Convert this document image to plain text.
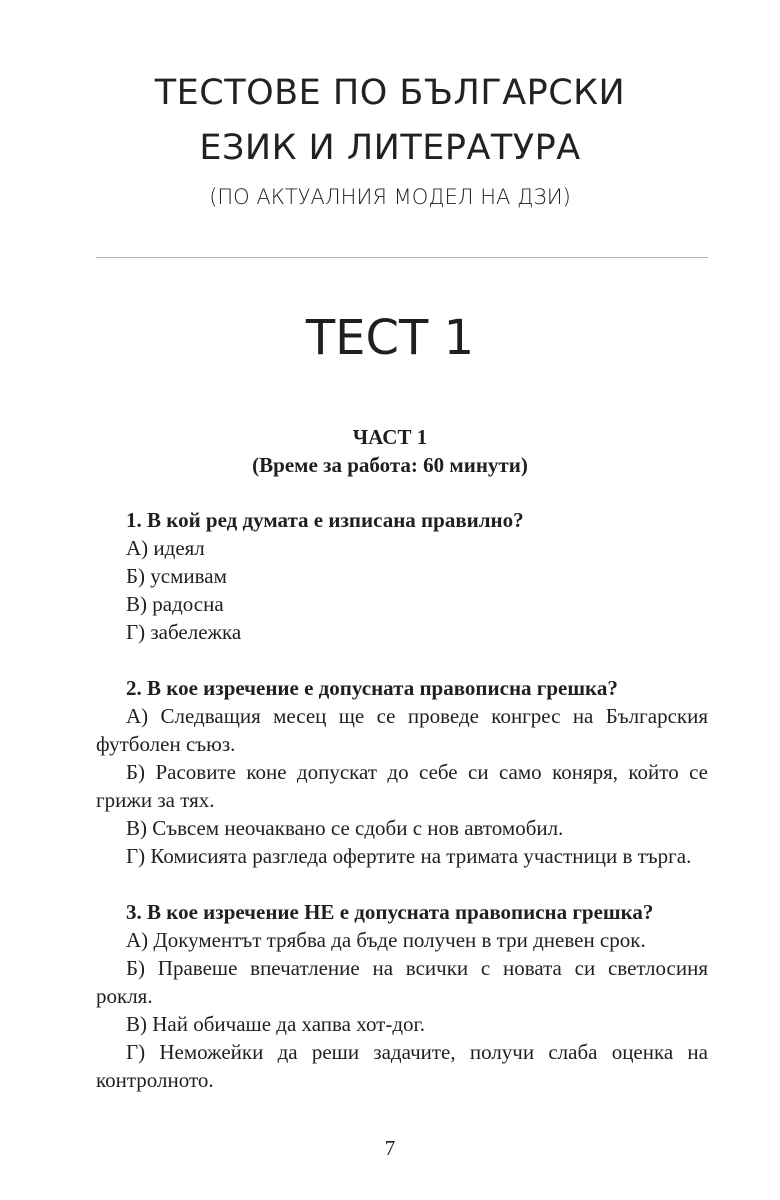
ТЕСТОВЕ ПО БЪЛГАРСКИ
ЕЗИК И ЛИТЕРАТУРА
(ПО АКТУАЛНИЯ МОДЕЛ НА ДЗИ)
ТЕСТ 1
ЧАСТ 1
(Време за работа: 60 минути)
1. В кой ред думата е изписана правилно?
А) идеял
Б) усмивам
В) радосна
Г) забележка
2. В кое изречение е допусната правописна грешка?
А) Следващия месец ще се проведе конгрес на Българския футболен съюз.
Б) Расовите коне допускат до себе си само коняря, който се грижи за тях.
В) Съвсем неочаквано се сдоби с нов автомобил.
Г) Комисията разгледа офертите на тримата участници в търга.
3. В кое изречение НЕ е допусната правописна грешка?
А) Документът трябва да бъде получен в три дневен срок.
Б) Правеше впечатление на всички с новата си светлосиня рокля.
В) Най обичаше да хапва хот-дог.
Г) Неможейки да реши задачите, получи слаба оценка на контролното.
7
